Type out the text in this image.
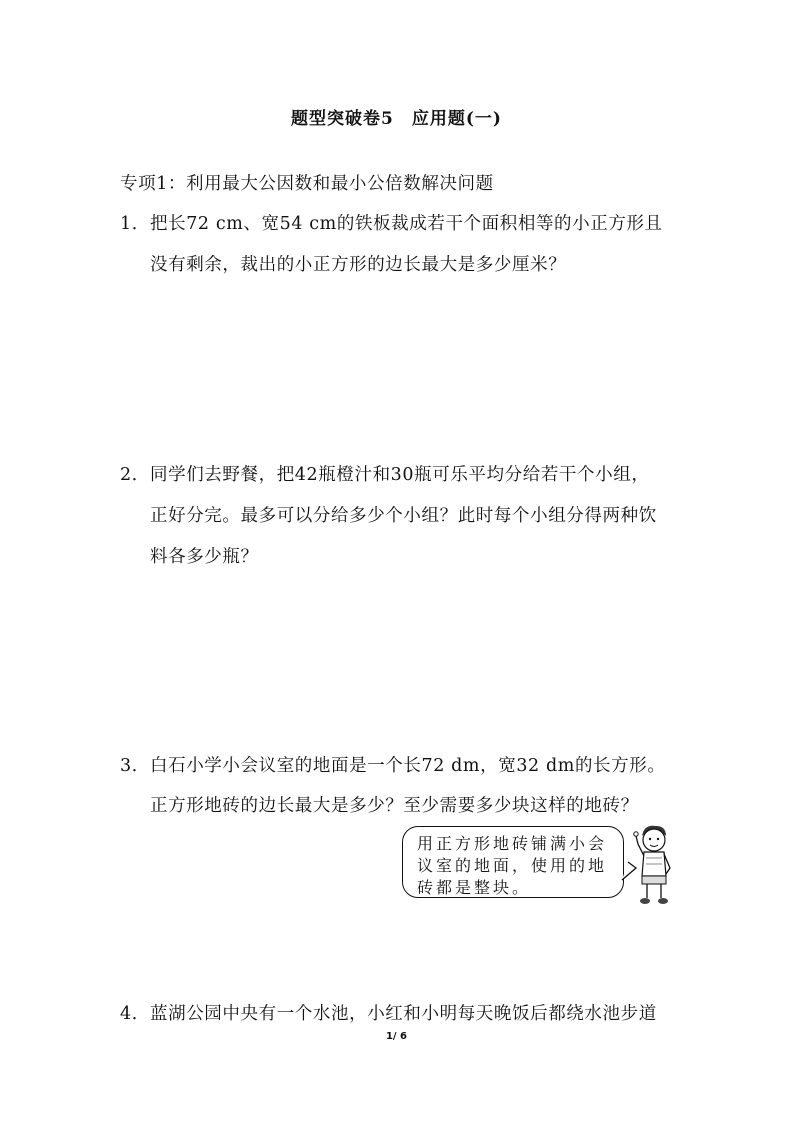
题型突破卷5　应用题(一)
专项1：利用最大公因数和最小公倍数解决问题
1．把长72 cm、宽54 cm的铁板裁成若干个面积相等的小正方形且
没有剩余，裁出的小正方形的边长最大是多少厘米？
2．同学们去野餐，把42瓶橙汁和30瓶可乐平均分给若干个小组，
正好分完。最多可以分给多少个小组？此时每个小组分得两种饮
料各多少瓶？
3．白石小学小会议室的地面是一个长72 dm，宽32 dm的长方形。
正方形地砖的边长最大是多少？至少需要多少块这样的地砖？
用正方形地砖铺满小会
议室的地面，使用的地
砖都是整块。
4．蓝湖公园中央有一个水池，小红和小明每天晚饭后都绕水池步道
1/ 6
